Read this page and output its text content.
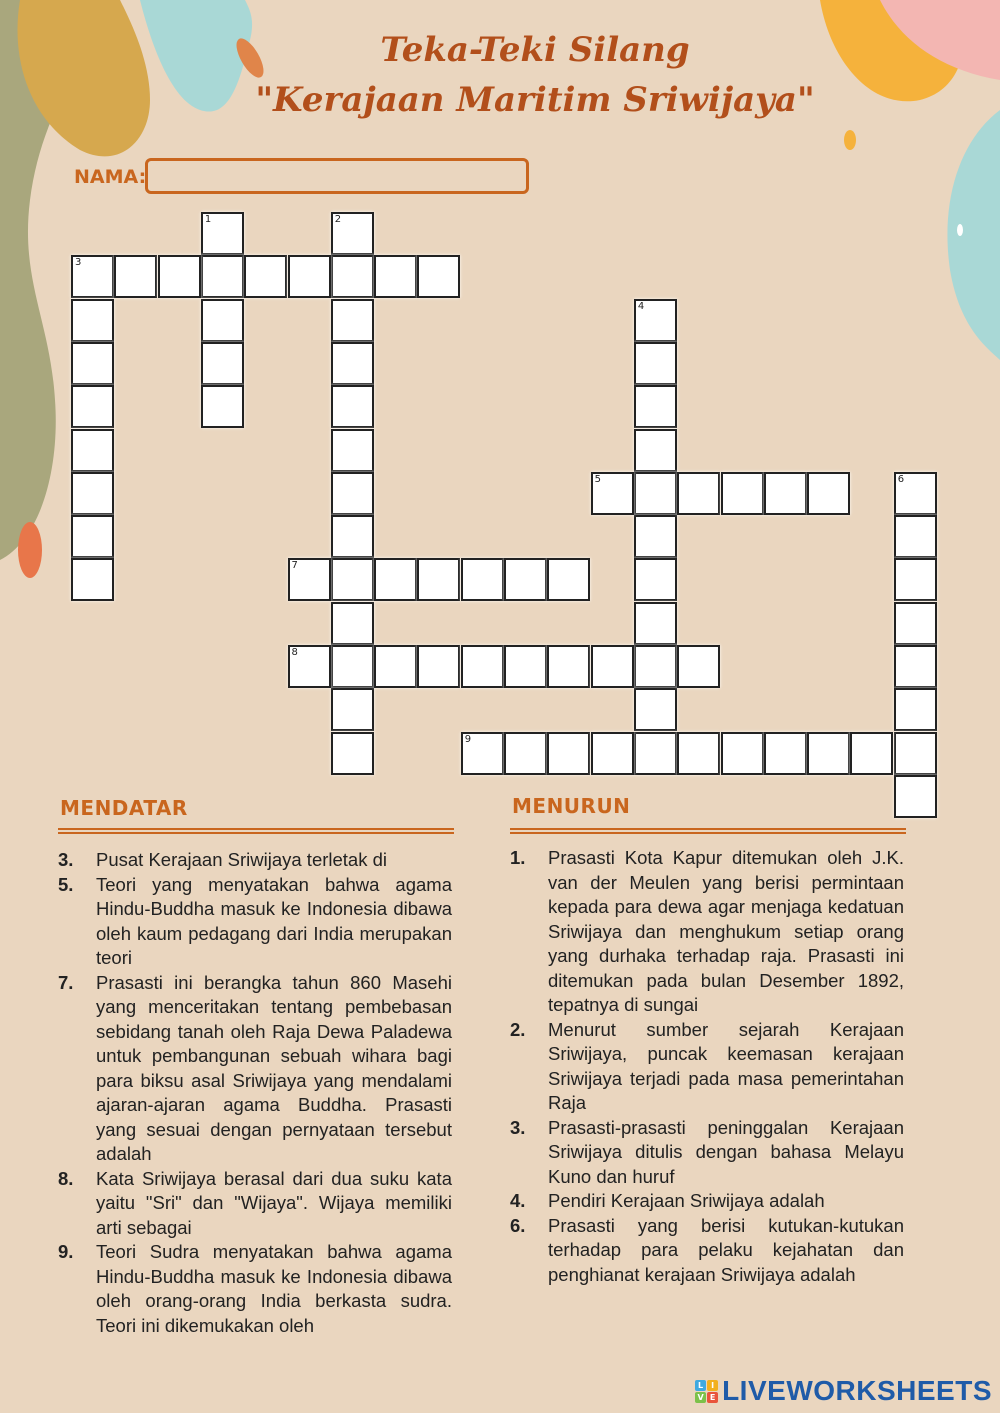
Teka-Teki Silang
"Kerajaan Maritim Sriwijaya"
NAMA:
1	2
3
4
5	6
7
8
9
MENDATAR
3.	Pusat Kerajaan Sriwijaya terletak di
5.	Teori yang menyatakan bahwa agama Hindu-Buddha masuk ke Indonesia dibawa oleh kaum pedagang dari India merupakan teori
7.	Prasasti ini berangka tahun 860 Masehi yang menceritakan tentang pembebasan sebidang tanah oleh Raja Dewa Paladewa untuk pembangunan sebuah wihara bagi para biksu asal Sriwijaya yang mendalami ajaran-ajaran agama Buddha. Prasasti yang sesuai dengan pernyataan tersebut adalah
8.	Kata Sriwijaya berasal dari dua suku kata yaitu "Sri" dan "Wijaya". Wijaya memiliki arti sebagai
9.	Teori Sudra menyatakan bahwa agama Hindu-Buddha masuk ke Indonesia dibawa oleh orang-orang India berkasta sudra. Teori ini dikemukakan oleh
MENURUN
1.	Prasasti Kota Kapur ditemukan oleh J.K. van der Meulen yang berisi permintaan kepada para dewa agar menjaga kedatuan Sriwijaya dan menghukum setiap orang yang durhaka terhadap raja. Prasasti ini ditemukan pada bulan Desember 1892, tepatnya di sungai
2.	Menurut sumber sejarah Kerajaan Sriwijaya, puncak keemasan kerajaan Sriwijaya terjadi pada masa pemerintahan Raja
3.	Prasasti-prasasti peninggalan Kerajaan Sriwijaya ditulis dengan bahasa Melayu Kuno dan huruf
4.	Pendiri Kerajaan Sriwijaya adalah
6.	Prasasti yang berisi kutukan-kutukan terhadap para pelaku kejahatan dan penghianat kerajaan Sriwijaya adalah
L I
V E LIVEWORKSHEETS
